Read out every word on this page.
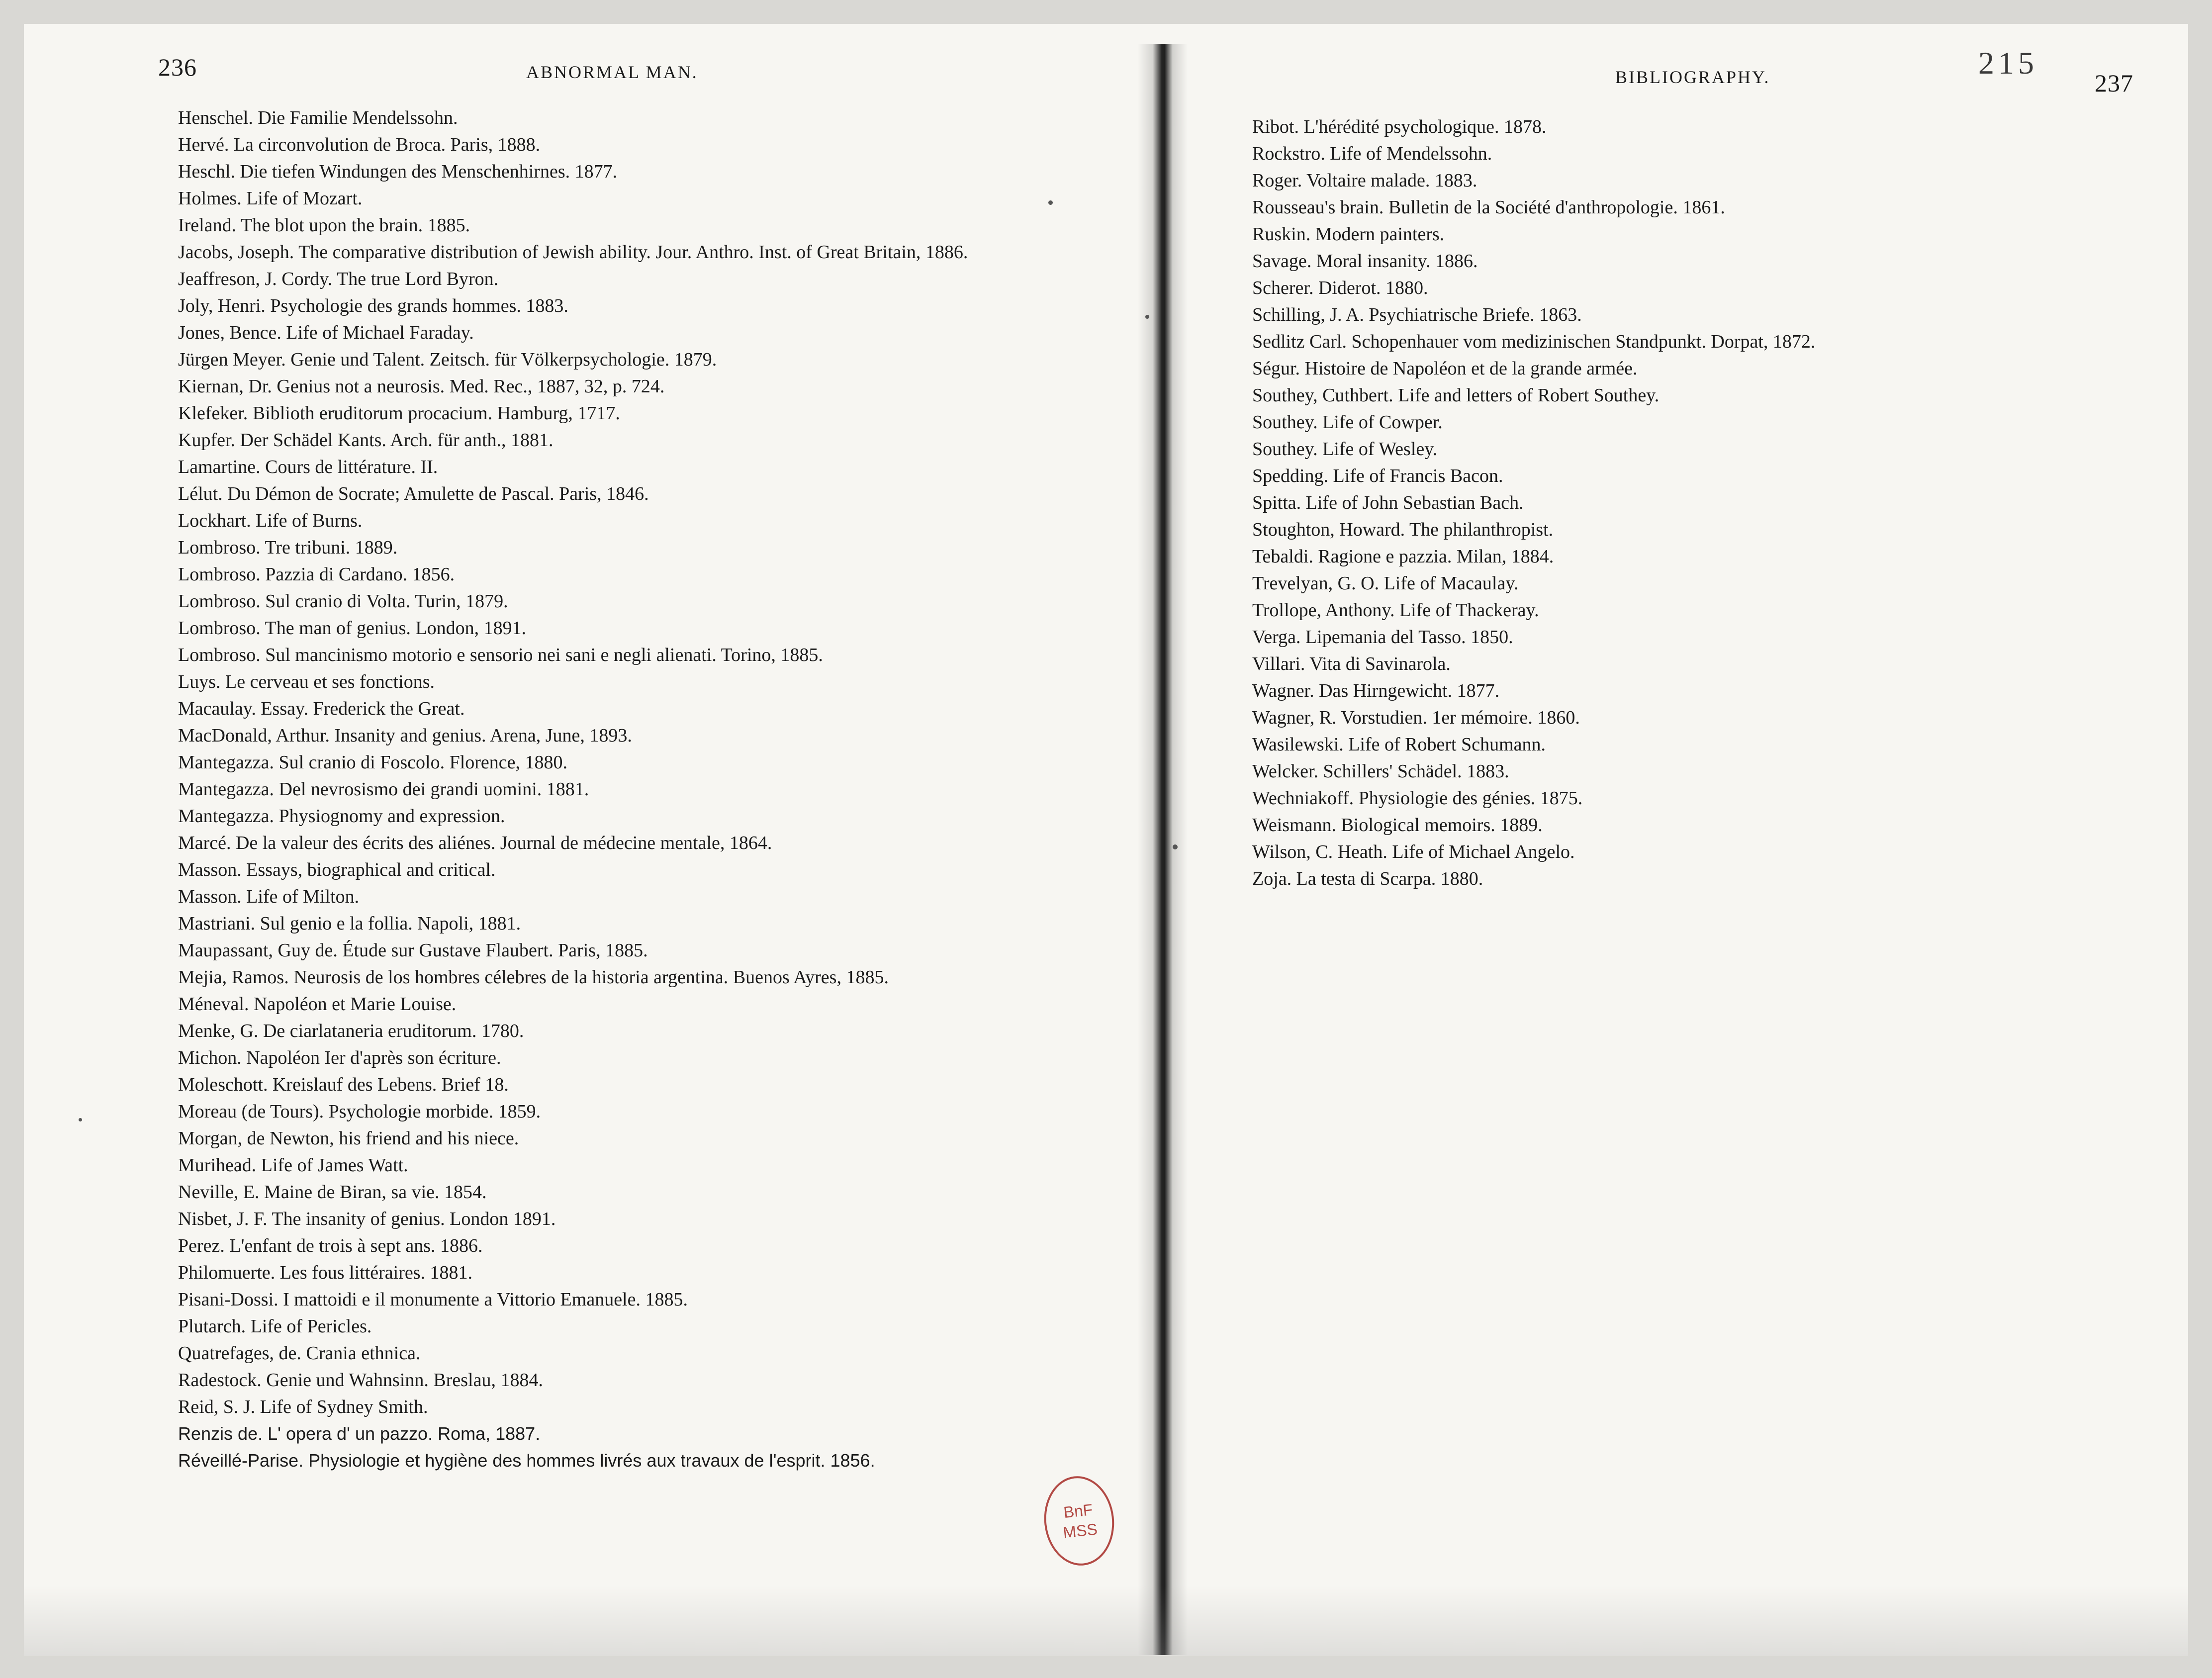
236	ABNORMAL MAN.
Henschel. Die Familie Mendelssohn.
Hervé. La circonvolution de Broca. Paris, 1888.
Heschl. Die tiefen Windungen des Menschenhirnes. 1877.
Holmes. Life of Mozart.
Ireland. The blot upon the brain. 1885.
Jacobs, Joseph. The comparative distribution of Jewish ability. Jour. Anthro. Inst. of Great Britain, 1886.
Jeaffreson, J. Cordy. The true Lord Byron.
Joly, Henri. Psychologie des grands hommes. 1883.
Jones, Bence. Life of Michael Faraday.
Jürgen Meyer. Genie und Talent. Zeitsch. für Völkerpsychologie. 1879.
Kiernan, Dr. Genius not a neurosis. Med. Rec., 1887, 32, p. 724.
Klefeker. Biblioth eruditorum procacium. Hamburg, 1717.
Kupfer. Der Schädel Kants. Arch. für anth., 1881.
Lamartine. Cours de littérature. II.
Lélut. Du Démon de Socrate; Amulette de Pascal. Paris, 1846.
Lockhart. Life of Burns.
Lombroso. Tre tribuni. 1889.
Lombroso. Pazzia di Cardano. 1856.
Lombroso. Sul cranio di Volta. Turin, 1879.
Lombroso. The man of genius. London, 1891.
Lombroso. Sul mancinismo motorio e sensorio nei sani e negli alienati. Torino, 1885.
Luys. Le cerveau et ses fonctions.
Macaulay. Essay. Frederick the Great.
MacDonald, Arthur. Insanity and genius. Arena, June, 1893.
Mantegazza. Sul cranio di Foscolo. Florence, 1880.
Mantegazza. Del nevrosismo dei grandi uomini. 1881.
Mantegazza. Physiognomy and expression.
Marcé. De la valeur des écrits des aliénes. Journal de médecine mentale, 1864.
Masson. Essays, biographical and critical.
Masson. Life of Milton.
Mastriani. Sul genio e la follia. Napoli, 1881.
Maupassant, Guy de. Étude sur Gustave Flaubert. Paris, 1885.
Mejia, Ramos. Neurosis de los hombres célebres de la historia argentina. Buenos Ayres, 1885.
Méneval. Napoléon et Marie Louise.
Menke, G. De ciarlataneria eruditorum. 1780.
Michon. Napoléon Ier d'après son écriture.
Moleschott. Kreislauf des Lebens. Brief 18.
Moreau (de Tours). Psychologie morbide. 1859.
Morgan, de Newton, his friend and his niece.
Murihead. Life of James Watt.
Neville, E. Maine de Biran, sa vie. 1854.
Nisbet, J. F. The insanity of genius. London 1891.
Perez. L'enfant de trois à sept ans. 1886.
Philomuerte. Les fous littéraires. 1881.
Pisani-Dossi. I mattoidi e il monumente a Vittorio Emanuele. 1885.
Plutarch. Life of Pericles.
Quatrefages, de. Crania ethnica.
Radestock. Genie und Wahnsinn. Breslau, 1884.
Reid, S. J. Life of Sydney Smith.
Renzis de. L' opera d' un pazzo. Roma, 1887.
Réveillé-Parise. Physiologie et hygiène des hommes livrés aux travaux de l'esprit. 1856.
BIBLIOGRAPHY.	215
237
Ribot. L'hérédité psychologique. 1878.
Rockstro. Life of Mendelssohn.
Roger. Voltaire malade. 1883.
Rousseau's brain. Bulletin de la Société d'anthropologie. 1861.
Ruskin. Modern painters.
Savage. Moral insanity. 1886.
Scherer. Diderot. 1880.
Schilling, J. A. Psychiatrische Briefe. 1863.
Sedlitz Carl. Schopenhauer vom medizinischen Standpunkt. Dorpat, 1872.
Ségur. Histoire de Napoléon et de la grande armée.
Southey, Cuthbert. Life and letters of Robert Southey.
Southey. Life of Cowper.
Southey. Life of Wesley.
Spedding. Life of Francis Bacon.
Spitta. Life of John Sebastian Bach.
Stoughton, Howard. The philanthropist.
Tebaldi. Ragione e pazzia. Milan, 1884.
Trevelyan, G. O. Life of Macaulay.
Trollope, Anthony. Life of Thackeray.
Verga. Lipemania del Tasso. 1850.
Villari. Vita di Savinarola.
Wagner. Das Hirngewicht. 1877.
Wagner, R. Vorstudien. 1er mémoire. 1860.
Wasilewski. Life of Robert Schumann.
Welcker. Schillers' Schädel. 1883.
Wechniakoff. Physiologie des génies. 1875.
Weismann. Biological memoirs. 1889.
Wilson, C. Heath. Life of Michael Angelo.
Zoja. La testa di Scarpa. 1880.
BnF
MSS
